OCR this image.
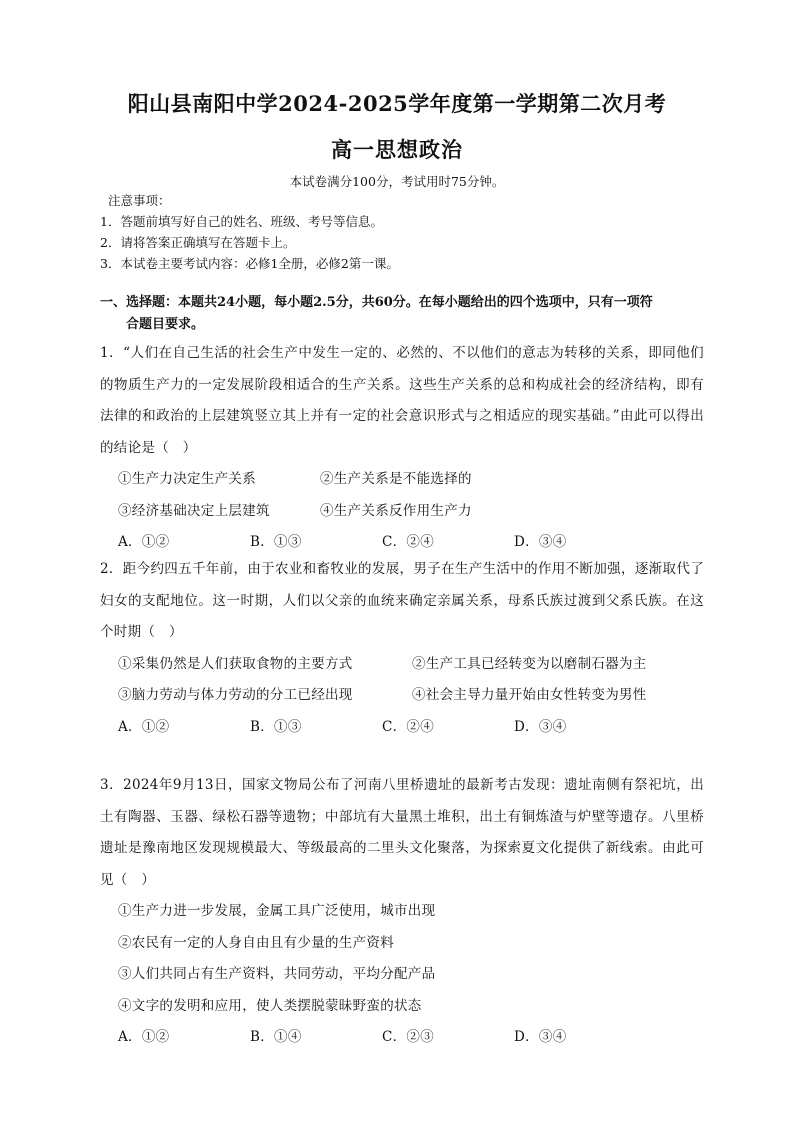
阳山县南阳中学2024-2025学年度第一学期第二次月考
高一思想政治
本试卷满分100分，考试用时75分钟。
注意事项：
1．答题前填写好自己的姓名、班级、考号等信息。
2．请将答案正确填写在答题卡上。
3．本试卷主要考试内容：必修1全册，必修2第一课。
一、选择题：本题共24小题，每小题2.5分，共60分。在每小题给出的四个选项中，只有一项符
合题目要求。

1．“人们在自己生活的社会生产中发生一定的、必然的、不以他们的意志为转移的关系，即同他们的物质生产力的一定发展阶段相适合的生产关系。这些生产关系的总和构成社会的经济结构，即有法律的和政治的上层建筑竖立其上并有一定的社会意识形式与之相适应的现实基础。”由此可以得出的结论是（　）

①生产力决定生产关系	②生产关系是不能选择的
③经济基础决定上层建筑	④生产关系反作用生产力
A．①②	B．①③	C．②④	D．③④

2．距今约四五千年前，由于农业和畜牧业的发展，男子在生产生活中的作用不断加强，逐渐取代了妇女的支配地位。这一时期，人们以父亲的血统来确定亲属关系，母系氏族过渡到父系氏族。在这个时期（　）

①采集仍然是人们获取食物的主要方式	②生产工具已经转变为以磨制石器为主
③脑力劳动与体力劳动的分工已经出现	④社会主导力量开始由女性转变为男性
A．①②	B．①③	C．②④	D．③④

3．2024年9月13日，国家文物局公布了河南八里桥遗址的最新考古发现：遗址南侧有祭祀坑，出土有陶器、玉器、绿松石器等遗物；中部坑有大量黑土堆积，出土有铜炼渣与炉壁等遗存。八里桥遗址是豫南地区发现规模最大、等级最高的二里头文化聚落，为探索夏文化提供了新线索。由此可见（　）

①生产力进一步发展，金属工具广泛使用，城市出现
②农民有一定的人身自由且有少量的生产资料
③人们共同占有生产资料，共同劳动，平均分配产品
④文字的发明和应用，使人类摆脱蒙昧野蛮的状态
A．①②	B．①④	C．②③	D．③④
